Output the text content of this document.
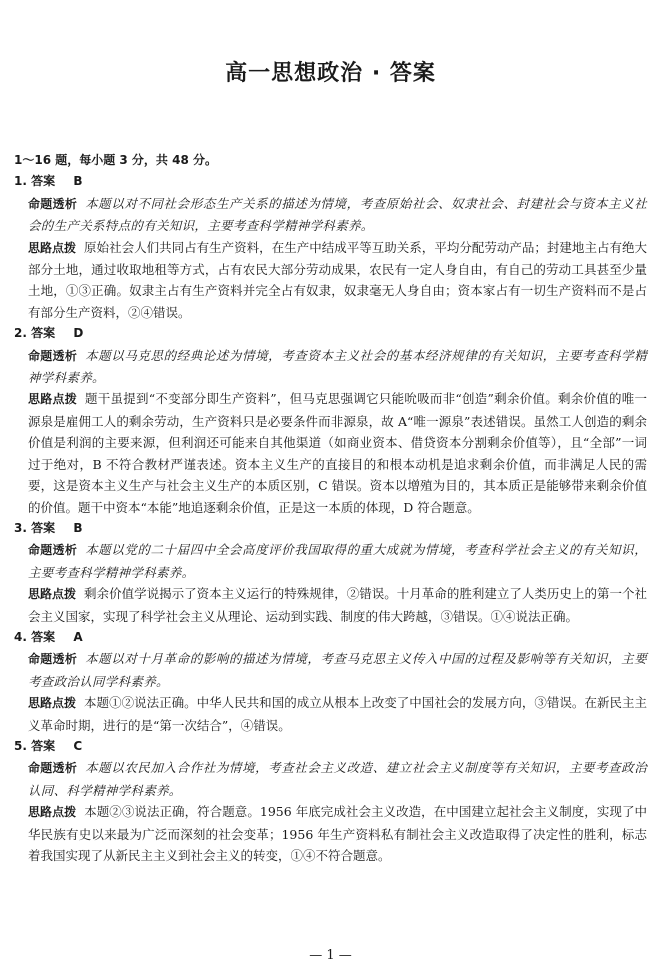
高一思想政治 · 答案
1～16 题，每小题 3 分，共 48 分。
1. 答案 B
命题透析 本题以对不同社会形态生产关系的描述为情境，考查原始社会、奴隶社会、封建社会与资本主义社会的生产关系特点的有关知识，主要考查科学精神学科素养。
思路点拨 原始社会人们共同占有生产资料，在生产中结成平等互助关系，平均分配劳动产品；封建地主占有绝大部分土地，通过收取地租等方式，占有农民大部分劳动成果，农民有一定人身自由，有自己的劳动工具甚至少量土地，①③正确。奴隶主占有生产资料并完全占有奴隶，奴隶毫无人身自由；资本家占有一切生产资料而不是占有部分生产资料，②④错误。
2. 答案 D
命题透析 本题以马克思的经典论述为情境，考查资本主义社会的基本经济规律的有关知识，主要考查科学精神学科素养。
思路点拨 题干虽提到“不变部分即生产资料”，但马克思强调它只能吮吸而非“创造”剩余价值。剩余价值的唯一源泉是雇佣工人的剩余劳动，生产资料只是必要条件而非源泉，故 A“唯一源泉”表述错误。虽然工人创造的剩余价值是利润的主要来源，但利润还可能来自其他渠道（如商业资本、借贷资本分割剩余价值等），且“全部”一词过于绝对，B 不符合教材严谨表述。资本主义生产的直接目的和根本动机是追求剩余价值，而非满足人民的需要，这是资本主义生产与社会主义生产的本质区别，C 错误。资本以增殖为目的，其本质正是能够带来剩余价值的价值。题干中资本“本能”地追逐剩余价值，正是这一本质的体现，D 符合题意。
3. 答案 B
命题透析 本题以党的二十届四中全会高度评价我国取得的重大成就为情境，考查科学社会主义的有关知识，主要考查科学精神学科素养。
思路点拨 剩余价值学说揭示了资本主义运行的特殊规律，②错误。十月革命的胜利建立了人类历史上的第一个社会主义国家，实现了科学社会主义从理论、运动到实践、制度的伟大跨越，③错误。①④说法正确。
4. 答案 A
命题透析 本题以对十月革命的影响的描述为情境，考查马克思主义传入中国的过程及影响等有关知识，主要考查政治认同学科素养。
思路点拨 本题①②说法正确。中华人民共和国的成立从根本上改变了中国社会的发展方向，③错误。在新民主主义革命时期，进行的是“第一次结合”，④错误。
5. 答案 C
命题透析 本题以农民加入合作社为情境，考查社会主义改造、建立社会主义制度等有关知识，主要考查政治认同、科学精神学科素养。
思路点拨 本题②③说法正确，符合题意。1956 年底完成社会主义改造，在中国建立起社会主义制度，实现了中华民族有史以来最为广泛而深刻的社会变革；1956 年生产资料私有制社会主义改造取得了决定性的胜利，标志着我国实现了从新民主主义到社会主义的转变，①④不符合题意。
— 1 —
